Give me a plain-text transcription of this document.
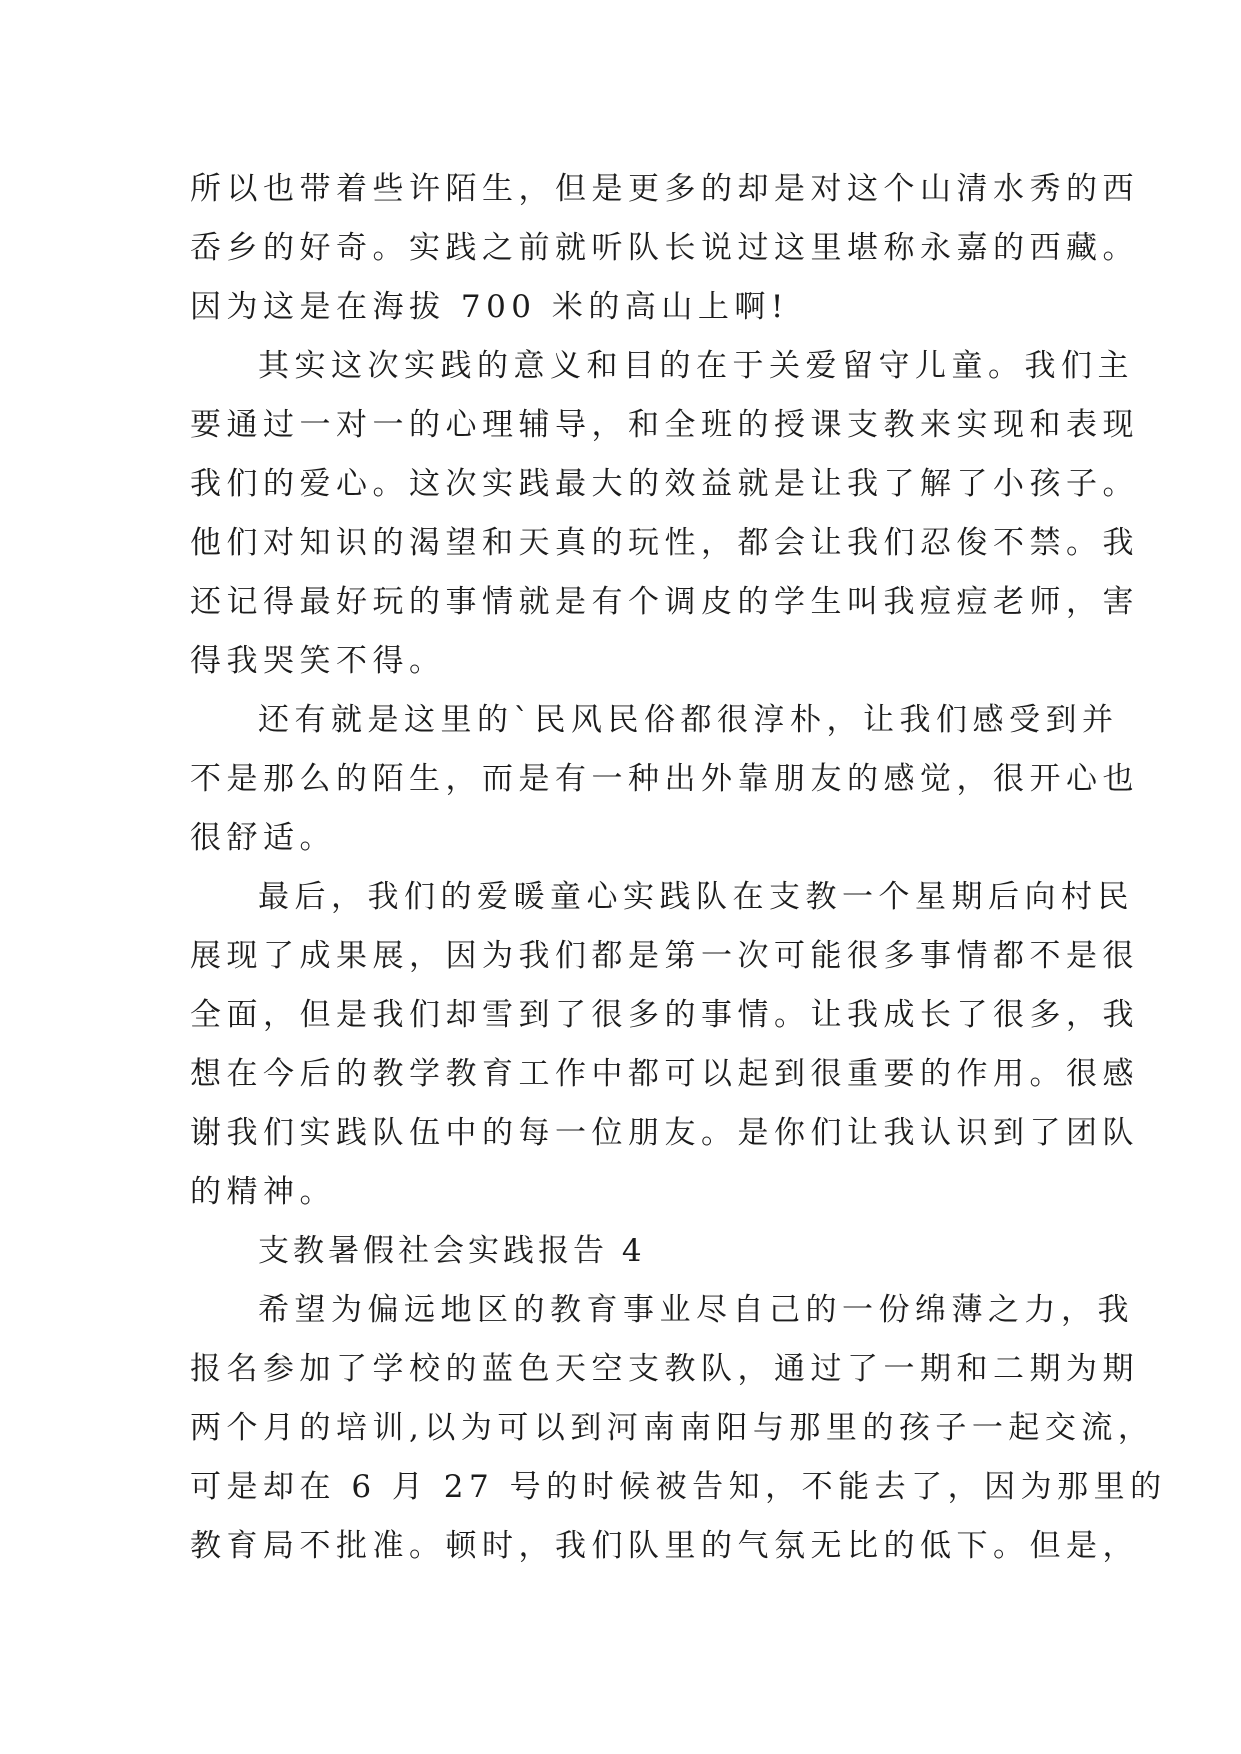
所以也带着些许陌生，但是更多的却是对这个山清水秀的西
岙乡的好奇。实践之前就听队长说过这里堪称永嘉的西藏。
因为这是在海拔 700 米的高山上啊!
其实这次实践的意义和目的在于关爱留守儿童。我们主
要通过一对一的心理辅导，和全班的授课支教来实现和表现
我们的爱心。这次实践最大的效益就是让我了解了小孩子。
他们对知识的渴望和天真的玩性，都会让我们忍俊不禁。我
还记得最好玩的事情就是有个调皮的学生叫我痘痘老师，害
得我哭笑不得。
还有就是这里的`民风民俗都很淳朴，让我们感受到并
不是那么的陌生，而是有一种出外靠朋友的感觉，很开心也
很舒适。
最后，我们的爱暖童心实践队在支教一个星期后向村民
展现了成果展，因为我们都是第一次可能很多事情都不是很
全面，但是我们却雪到了很多的事情。让我成长了很多，我
想在今后的教学教育工作中都可以起到很重要的作用。很感
谢我们实践队伍中的每一位朋友。是你们让我认识到了团队
的精神。
支教暑假社会实践报告 4
希望为偏远地区的教育事业尽自己的一份绵薄之力，我
报名参加了学校的蓝色天空支教队，通过了一期和二期为期
两个月的培训,以为可以到河南南阳与那里的孩子一起交流，
可是却在 6 月 27 号的时候被告知，不能去了，因为那里的
教育局不批准。顿时，我们队里的气氛无比的低下。但是，
